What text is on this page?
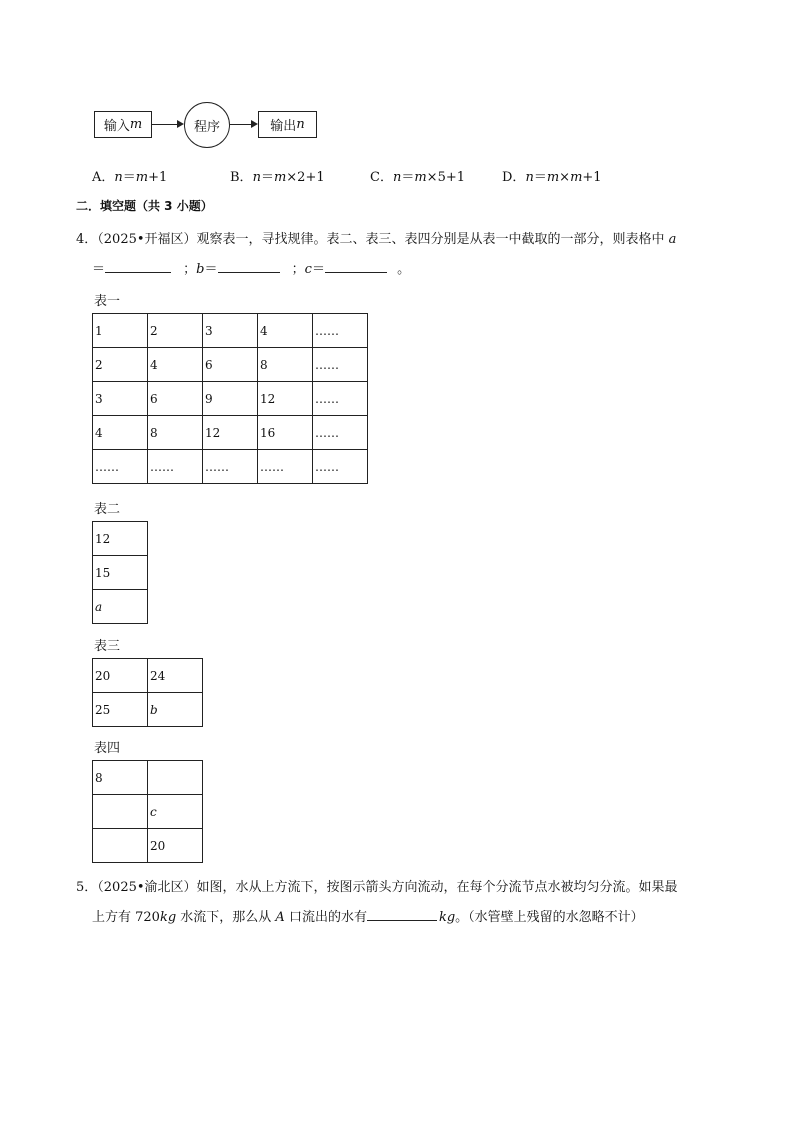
输入 m	程序	输出 n
A．n＝m+1	B．n＝m×2+1	C．n＝m×5+1	D．n＝m×m+1
二．填空题（共 3 小题）
4．（2025•开福区）观察表一，寻找规律。表二、表三、表四分别是从表一中截取的一部分，则表格中 a
＝	；b＝	；c＝	。
表一
1	2	3	4	……
2	4	6	8	……
3	6	9	12	……
4	8	12	16	……
……	……	……	……	……
表二
12
15
a
表三
20	24
25	b
表四
8	
	c
	20
5．（2025•渝北区）如图，水从上方流下，按图示箭头方向流动，在每个分流节点水被均匀分流。如果最
上方有 720kg 水流下，那么从 A 口流出的水有	kg。（水管壁上残留的水忽略不计）
